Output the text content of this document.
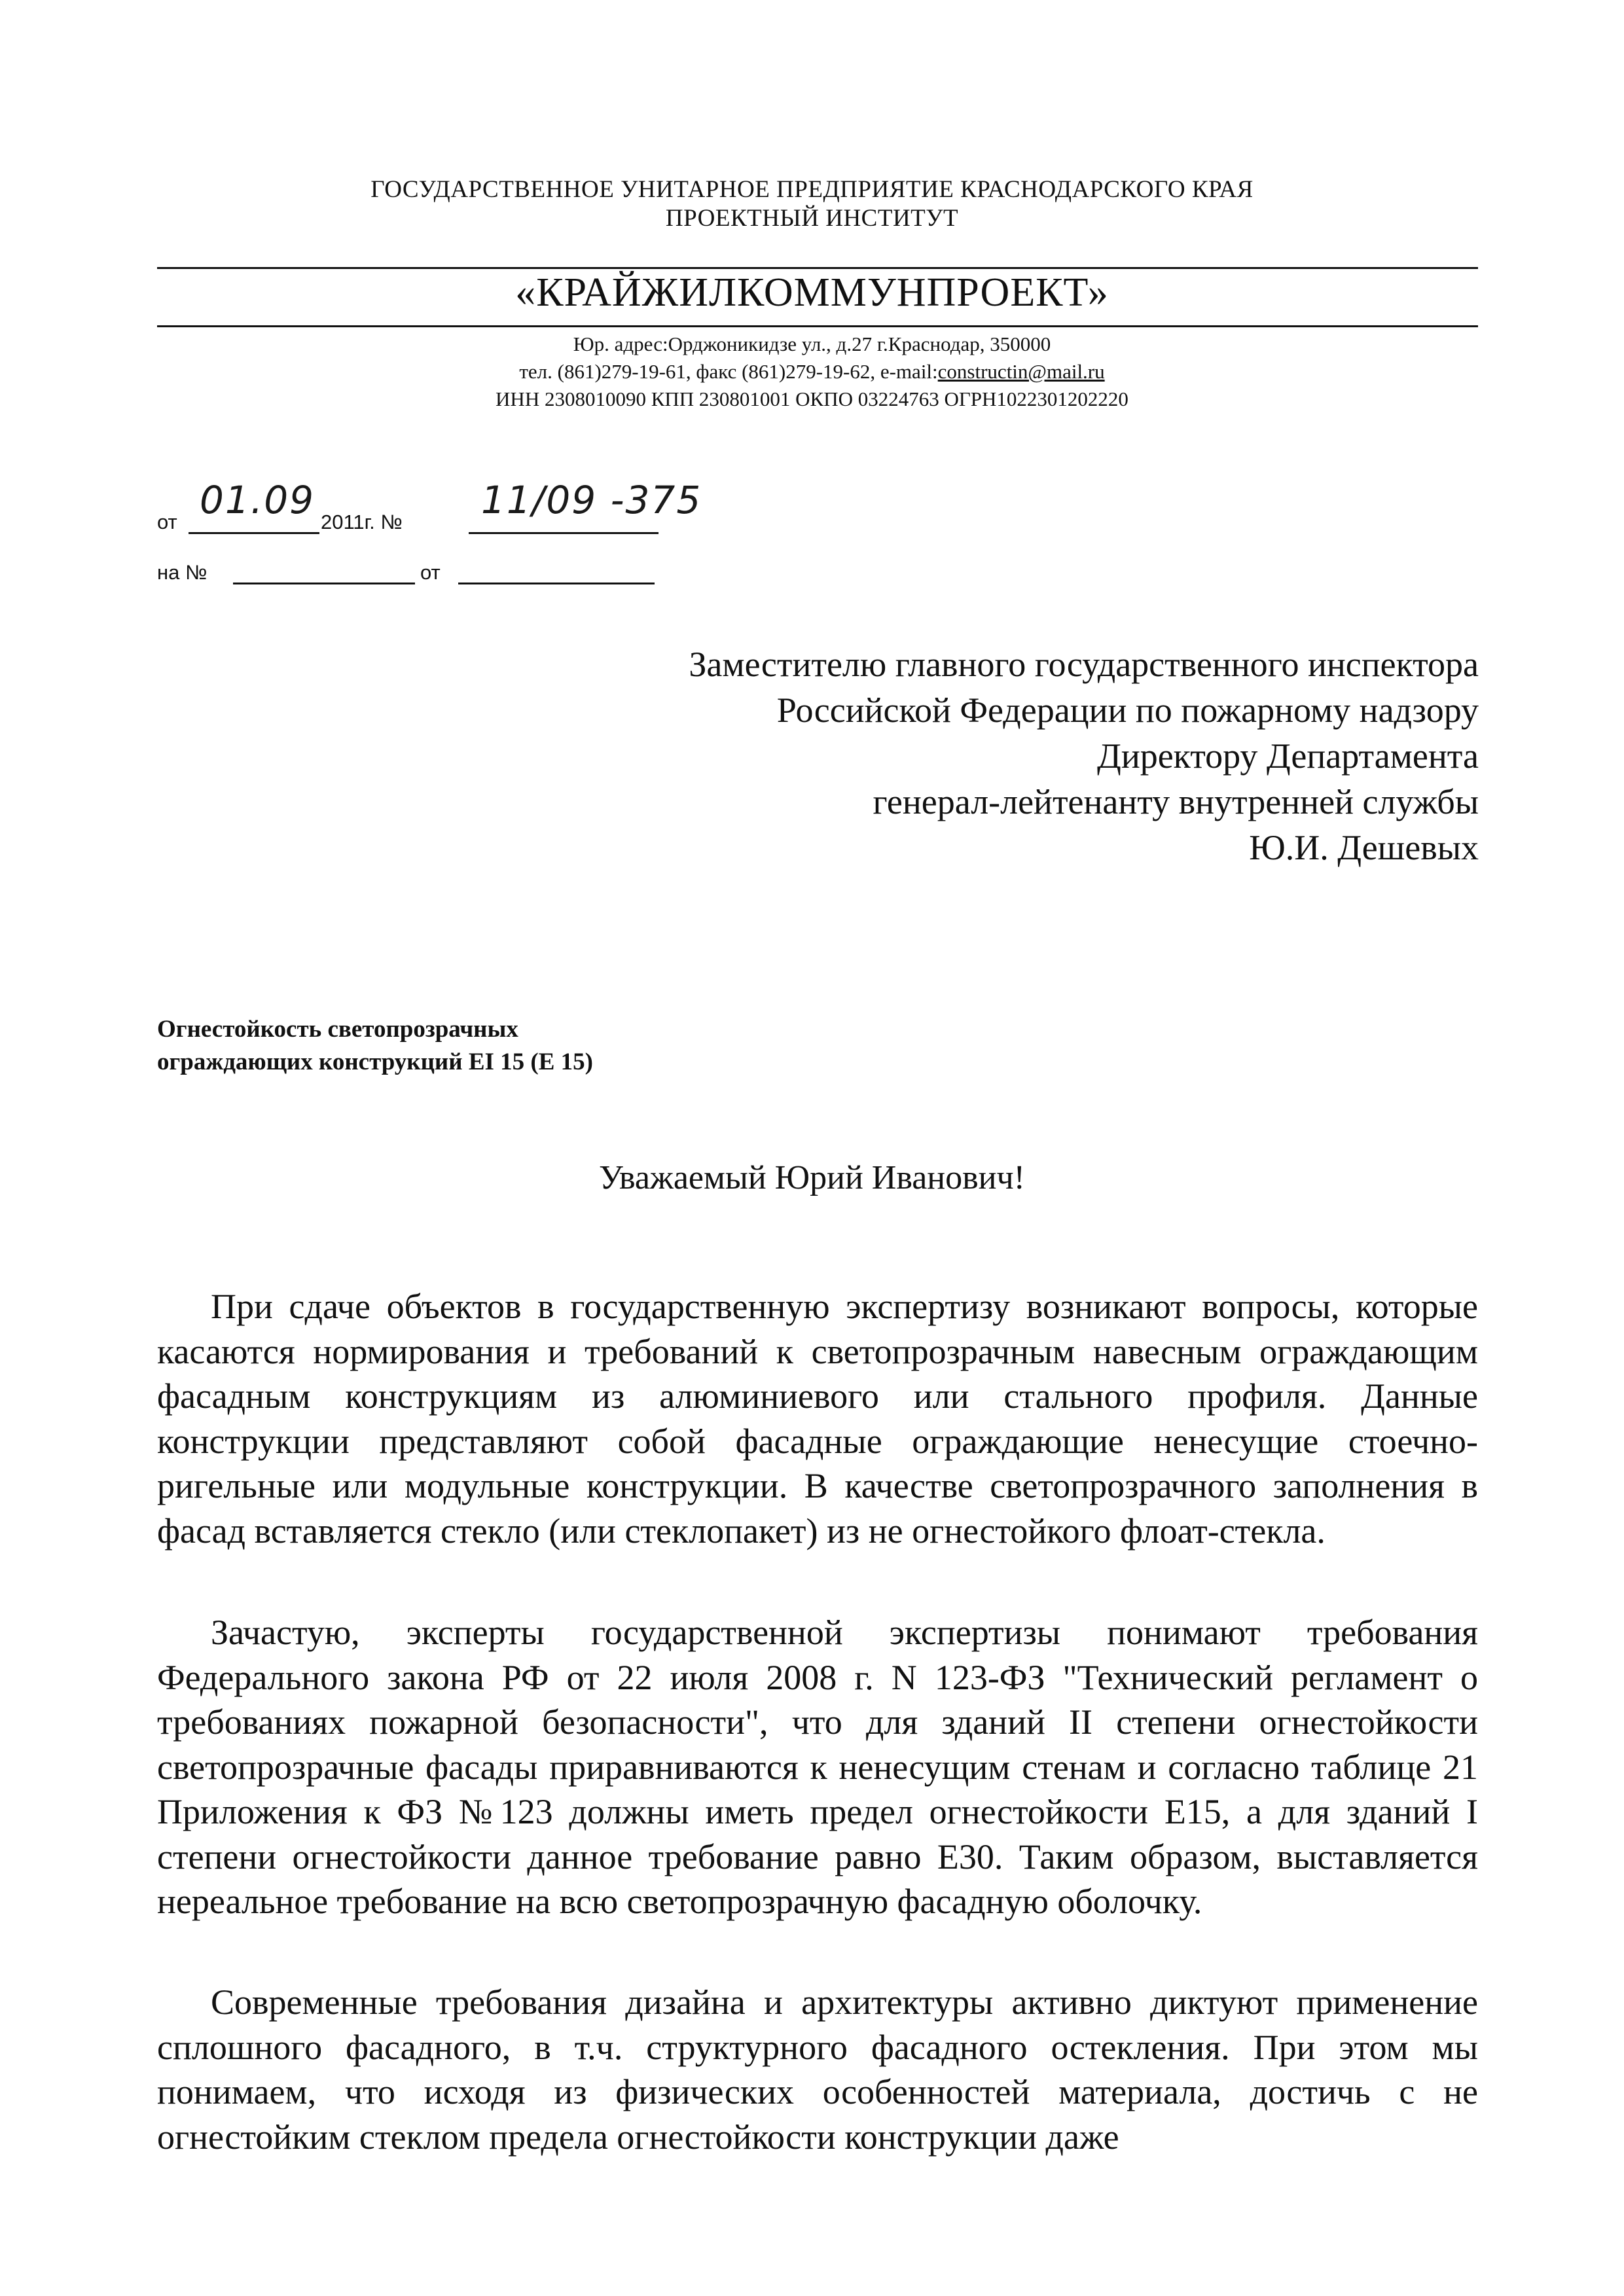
ГОСУДАРСТВЕННОЕ УНИТАРНОЕ ПРЕДПРИЯТИЕ КРАСНОДАРСКОГО КРАЯ
ПРОЕКТНЫЙ ИНСТИТУТ
«КРАЙЖИЛКОММУНПРОЕКТ»
Юр. адрес:Орджоникидзе ул., д.27 г.Краснодар, 350000
тел. (861)279-19-61, факс (861)279-19-62, e-mail:constructin@mail.ru
ИНН 2308010090 КПП 230801001 ОКПО 03224763 ОГРН1022301202220
от 01.09 2011г. № 11/09 -375
на №	от
Заместителю главного государственного инспектора
Российской Федерации по пожарному надзору
Директору Департамента
генерал-лейтенанту внутренней службы
Ю.И. Дешевых
Огнестойкость светопрозрачных
ограждающих конструкций EI 15 (Е 15)
Уважаемый Юрий Иванович!

При сдаче объектов в государственную экспертизу возникают вопросы, которые касаются нормирования и требований к светопрозрачным навесным ограждающим фасадным конструкциям из алюминиевого или стального профиля. Данные конструкции представляют собой фасадные ограждающие ненесущие стоечно-ригельные или модульные конструкции. В качестве светопрозрачного заполнения в фасад вставляется стекло (или стеклопакет) из не огнестойкого флоат-стекла.

Зачастую, эксперты государственной экспертизы понимают требования Федерального закона РФ от 22 июля 2008 г. N 123-ФЗ "Технический регламент о требованиях пожарной безопасности", что для зданий II степени огнестойкости светопрозрачные фасады приравниваются к ненесущим стенам и согласно таблице 21 Приложения к ФЗ №123 должны иметь предел огнестойкости Е15, а для зданий I степени огнестойкости данное требование равно Е30. Таким образом, выставляется нереальное требование на всю светопрозрачную фасадную оболочку.

Современные требования дизайна и архитектуры активно диктуют применение сплошного фасадного, в т.ч. структурного фасадного остекления. При этом мы понимаем, что исходя из физических особенностей материала, достичь с не огнестойким стеклом предела огнестойкости конструкции даже
